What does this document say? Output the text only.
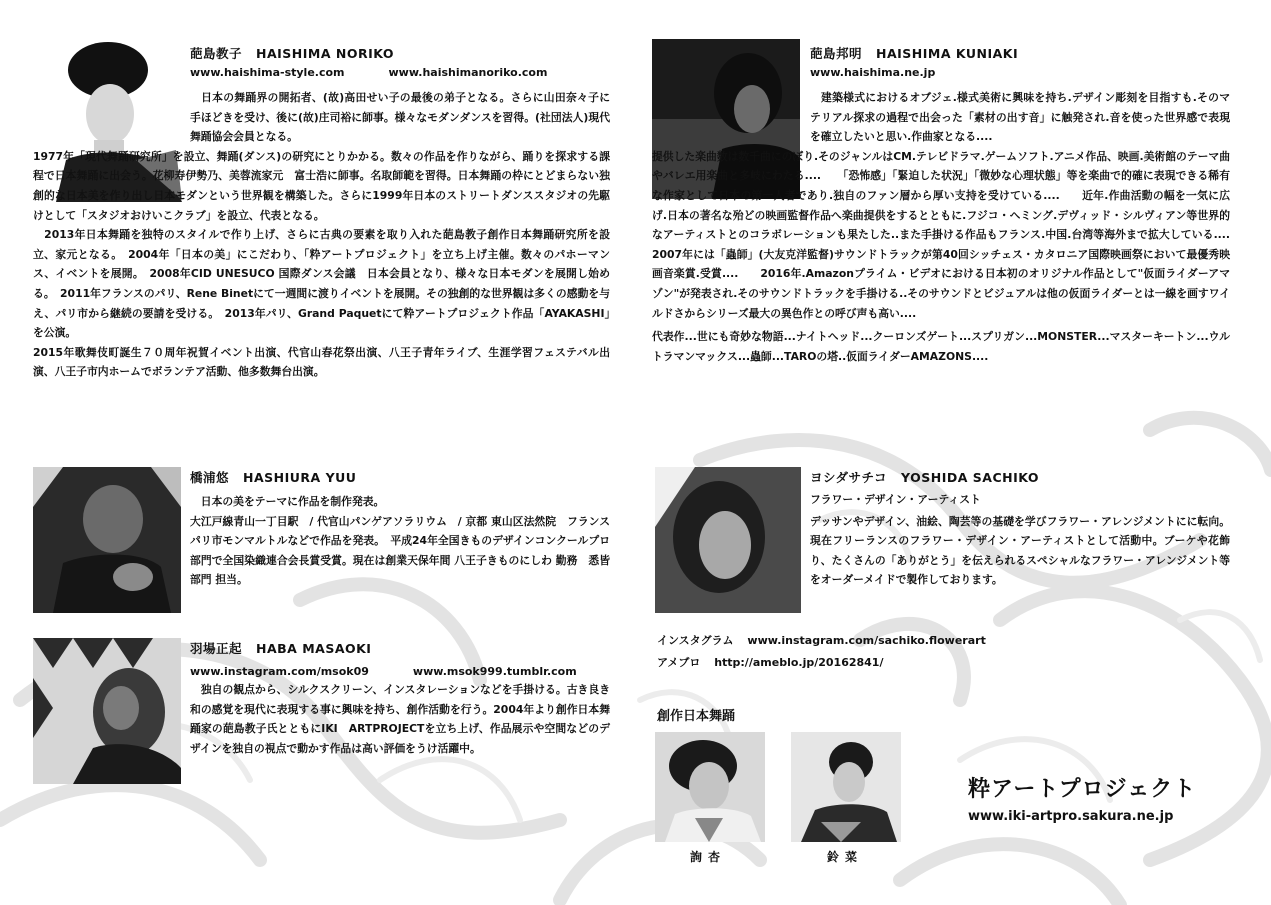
葩島教子 HAISHIMA NORIKO
www.haishima-style.com	www.haishimanoriko.com

　日本の舞踊界の開拓者、(故)高田せい子の最後の弟子となる。さらに山田奈々子に手ほどきを受け、後に(故)庄司裕に師事。様々なモダンダンスを習得。(社団法人)現代舞踊協会会員となる。

1977年「現代舞踊研究所」を設立、舞踊(ダンス)の研究にとりかかる。数々の作品を作りながら、踊りを探求する課程で日本舞踊に出会う。花柳寿伊勢乃、美蓉流家元　富士浩に師事。名取師範を習得。日本舞踊の枠にとどまらない独創的な日本美を作り出し日本モダンという世界観を構築した。さらに1999年日本のストリートダンススタジオの先駆けとして「スタジオおけいこクラブ」を設立、代表となる。

　2013年日本舞踊を独特のスタイルで作り上げ、さらに古典の要素を取り入れた葩島教子創作日本舞踊研究所を設立、家元となる。　2004年「日本の美」にこだわり、「粋アートプロジェクト」を立ち上げ主催。数々のパホーマンス、イベントを展開。　2008年CID UNESUCO 国際ダンス会議　日本会員となり、様々な日本モダンを展開し始める。　2011年フランスのパリ、Rene Binetにて一週間に渡りイベントを展開。その独創的な世界観は多くの感動を与え、パリ市から継続の要請を受ける。　2013年パリ、Grand Paquetにて粋アートプロジェクト作品「AYAKASHI」を公演。

2015年歌舞伎町誕生７０周年祝賀イベント出演、代官山春花祭出演、八王子青年ライブ、生涯学習フェステバル出演、八王子市内ホームでボランテア活動、他多数舞台出演。

橋浦悠 HASHIURA YUU

　日本の美をテーマに作品を制作発表。

大江戸線青山一丁目駅　/ 代官山パンゲアソラリウム　/ 京都 東山区法然院　フランス パリ市モンマルトルなどで作品を発表。　平成24年全国きものデザインコンクールプロ部門で全国染織連合会長賞受賞。現在は創業天保年間 八王子きものにしわ 勤務　悉皆部門 担当。

羽場正起 HABA MASAOKI
www.instagram.com/msok09	www.msok999.tumblr.com

　独自の観点から、シルクスクリーン、インスタレーションなどを手掛ける。古き良き和の感覚を現代に表現する事に興味を持ち、創作活動を行う。2004年より創作日本舞踊家の葩島教子氏とともにIKI　ARTPROJECTを立ち上げ、作品展示や空間などのデザインを独自の視点で動かす作品は高い評価をうけ活躍中。

葩島邦明 HAISHIMA KUNIAKI
www.haishima.ne.jp

　建築様式におけるオブジェ.様式美術に興味を持ち.デザイン彫刻を目指すも.そのマテリアル探求の過程で出会った「素材の出す音」に触発され.音を使った世界感で表現を確立したいと思い.作曲家となる....

提供した楽曲数は数千曲にのぼり.そのジャンルはCM.テレビドラマ.ゲームソフト.アニメ作品、映画.美術館のテーマ曲やバレエ用楽曲と多岐にわたる....　　「恐怖感」「緊迫した状況」「微妙な心理状態」等を楽曲で的確に表現できる稀有な作家として日本の第一人者であり.独自のファン層から厚い支持を受けている....　　近年.作曲活動の幅を一気に広げ.日本の著名な殆どの映画監督作品へ楽曲提供をするとともに.フジコ・ヘミング.デヴィッド・シルヴィアン等世界的なアーティストとのコラボレーションも果たした..また手掛ける作品もフランス.中国.台湾等海外まで拡大している....　　2007年には「蟲師」(大友克洋監督)サウンドトラックが第40回シッチェス・カタロニア国際映画祭において最優秀映画音楽賞.受賞....　　2016年.Amazonプライム・ビデオにおける日本初のオリジナル作品として"仮面ライダーアマゾン"が発表され.そのサウンドトラックを手掛ける..そのサウンドとビジュアルは他の仮面ライダーとは一線を画すワイルドさからシリーズ最大の異色作との呼び声も高い....

代表作...世にも奇妙な物語...ナイトヘッド...クーロンズゲート...スプリガン...MONSTER...マスターキートン...ウルトラマンマックス...蟲師...TAROの塔..仮面ライダーAMAZONS....

ヨシダサチコ YOSHIDA SACHIKO
フラワー・デザイン・アーティスト

デッサンやデザイン、油絵、陶芸等の基礎を学びフラワー・アレンジメントにに転向。現在フリーランスのフラワー・デザイン・アーティストとして活動中。ブーケや花飾り、たくさんの「ありがとう」を伝えられるスペシャルなフラワー・アレンジメント等をオーダーメイドで製作しております。

インスタグラム www.instagram.com/sachiko.flowerart
アメブロ http://ameblo.jp/20162841/
創作日本舞踊
詢杏	鈴菜
粋アートプロジェクト
www.iki-artpro.sakura.ne.jp
